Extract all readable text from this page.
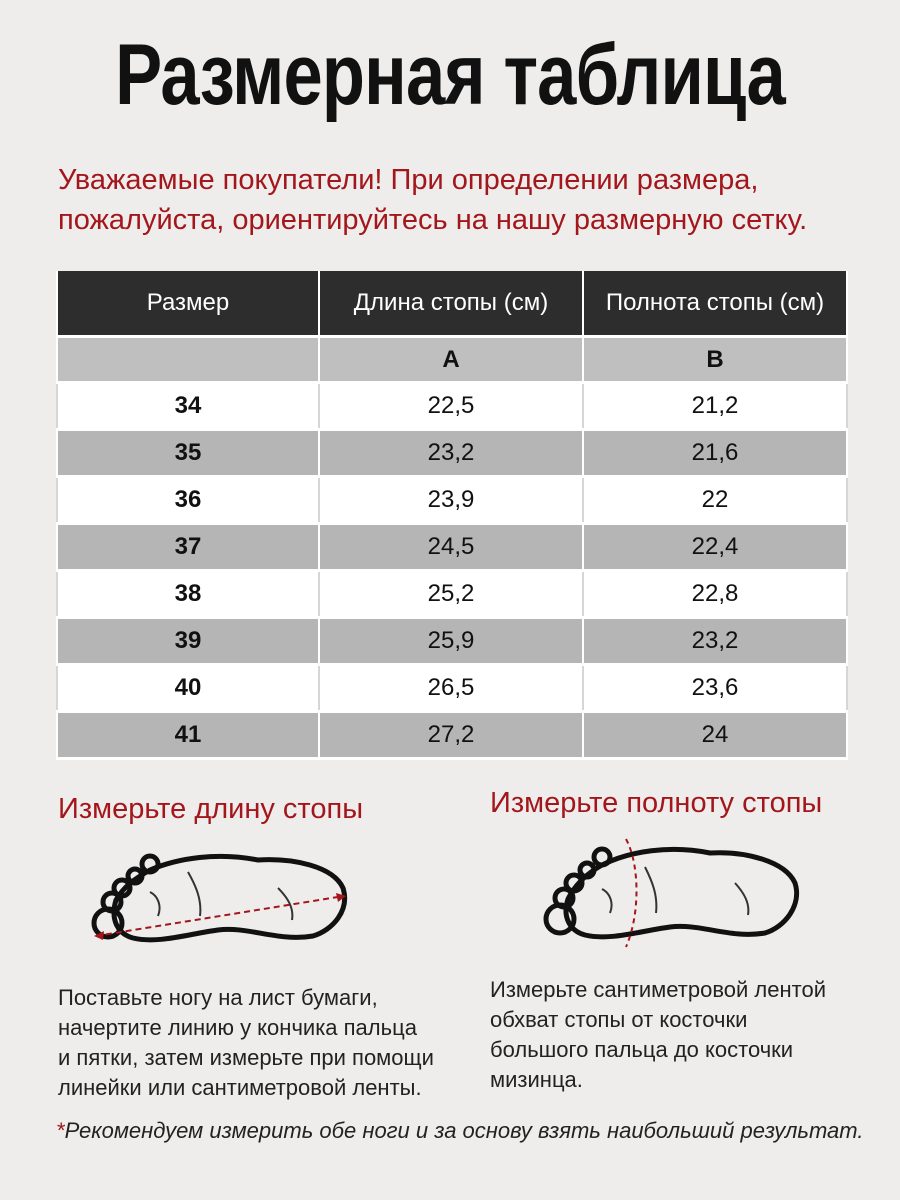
Размерная таблица
Уважаемые покупатели! При определении размера,
пожалуйста, ориентируйтесь на нашу размерную сетку.
Размер	Длина стопы (см)	Полнота стопы (см)
	A	B
34	22,5	21,2
35	23,2	21,6
36	23,9	22
37	24,5	22,4
38	25,2	22,8
39	25,9	23,2
40	26,5	23,6
41	27,2	24
Измерьте длину стопы	Измерьте полноту стопы
Поставьте ногу на лист бумаги,
начертите линию у кончика пальца
и пятки, затем измерьте при помощи
линейки или сантиметровой ленты.
Измерьте сантиметровой лентой
обхват стопы от косточки
большого пальца до косточки
мизинца.
*Рекомендуем измерить обе ноги и за основу взять наибольший результат.
